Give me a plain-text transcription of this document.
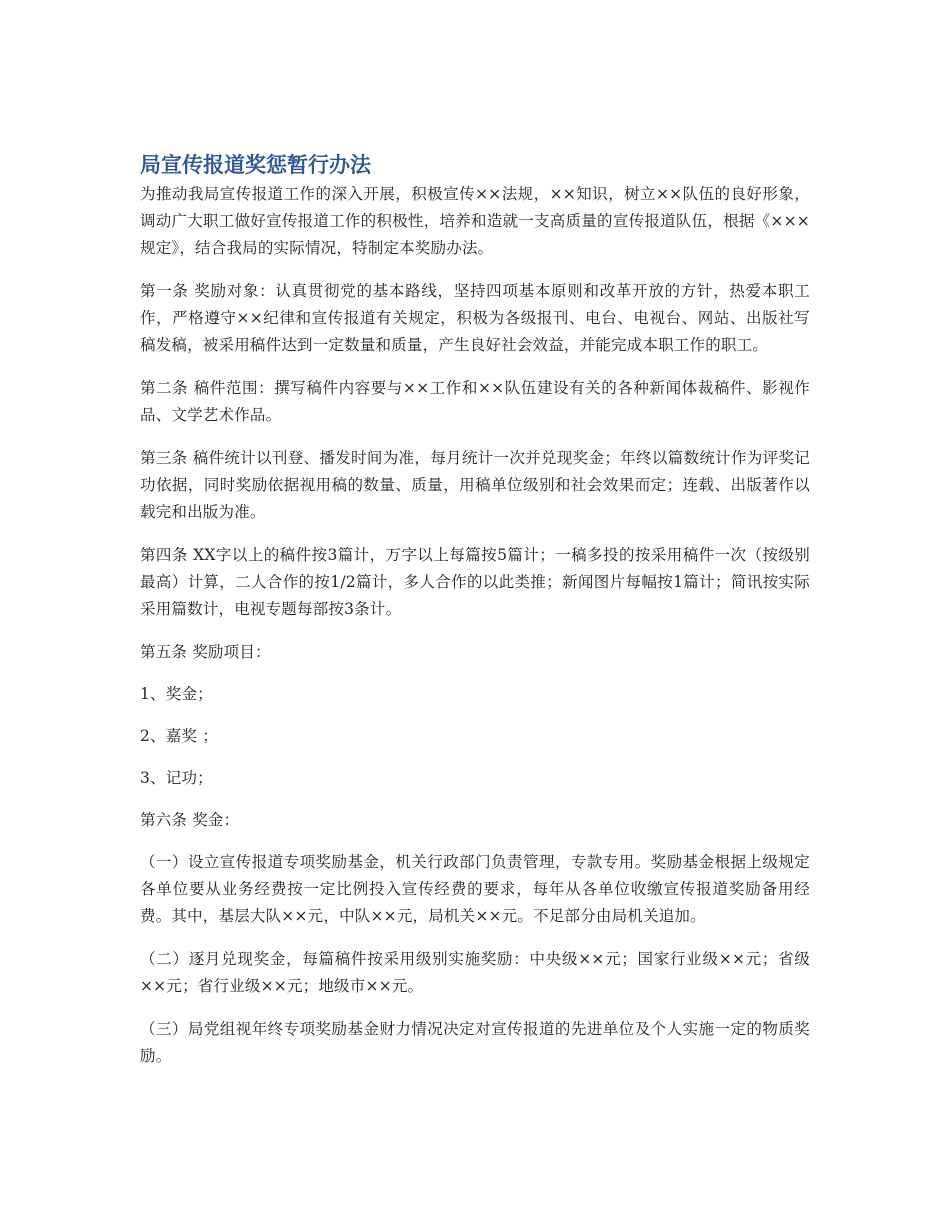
局宣传报道奖惩暂行办法

为推动我局宣传报道工作的深入开展，积极宣传××法规，××知识，树立××队伍的良好形象，调动广大职工做好宣传报道工作的积极性，培养和造就一支高质量的宣传报道队伍，根据《×××规定》，结合我局的实际情况，特制定本奖励办法。

第一条 奖励对象：认真贯彻党的基本路线，坚持四项基本原则和改革开放的方针，热爱本职工作，严格遵守××纪律和宣传报道有关规定，积极为各级报刊、电台、电视台、网站、出版社写稿发稿，被采用稿件达到一定数量和质量，产生良好社会效益，并能完成本职工作的职工。

第二条 稿件范围：撰写稿件内容要与××工作和××队伍建设有关的各种新闻体裁稿件、影视作品、文学艺术作品。

第三条 稿件统计以刊登、播发时间为准，每月统计一次并兑现奖金；年终以篇数统计作为评奖记功依据，同时奖励依据视用稿的数量、质量，用稿单位级别和社会效果而定；连载、出版著作以载完和出版为准。

第四条 XX字以上的稿件按3篇计，万字以上每篇按5篇计；一稿多投的按采用稿件一次（按级别最高）计算，二人合作的按1/2篇计，多人合作的以此类推；新闻图片每幅按1篇计；简讯按实际采用篇数计，电视专题每部按3条计。

第五条 奖励项目：

1、奖金；

2、嘉奖 ；

3、记功；

第六条 奖金：

（一）设立宣传报道专项奖励基金，机关行政部门负责管理，专款专用。奖励基金根据上级规定各单位要从业务经费按一定比例投入宣传经费的要求，每年从各单位收缴宣传报道奖励备用经费。其中，基层大队××元，中队××元，局机关××元。不足部分由局机关追加。

（二）逐月兑现奖金，每篇稿件按采用级别实施奖励：中央级××元；国家行业级××元；省级××元；省行业级××元；地级市××元。

（三）局党组视年终专项奖励基金财力情况决定对宣传报道的先进单位及个人实施一定的物质奖励。
